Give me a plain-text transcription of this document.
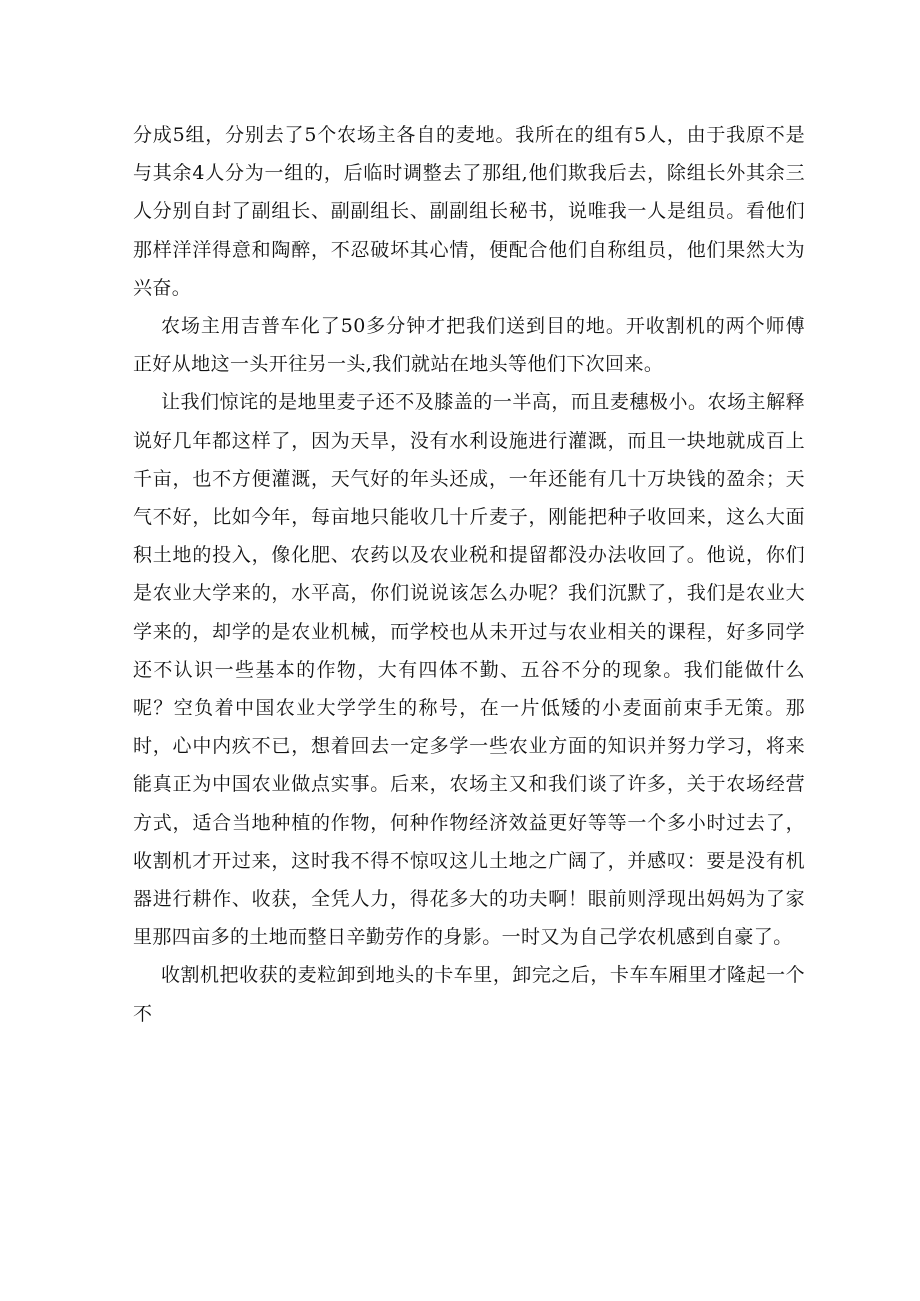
分成5组，分别去了5个农场主各自的麦地。我所在的组有5人，由于我原不是与其余4人分为一组的，后临时调整去了那组,他们欺我后去，除组长外其余三人分别自封了副组长、副副组长、副副组长秘书，说唯我一人是组员。看他们那样洋洋得意和陶醉，不忍破坏其心情，便配合他们自称组员，他们果然大为兴奋。

农场主用吉普车化了50多分钟才把我们送到目的地。开收割机的两个师傅正好从地这一头开往另一头,我们就站在地头等他们下次回来。

让我们惊诧的是地里麦子还不及膝盖的一半高，而且麦穗极小。农场主解释说好几年都这样了，因为天旱，没有水利设施进行灌溉，而且一块地就成百上千亩，也不方便灌溉，天气好的年头还成，一年还能有几十万块钱的盈余；天气不好，比如今年，每亩地只能收几十斤麦子，刚能把种子收回来，这么大面积土地的投入，像化肥、农药以及农业税和提留都没办法收回了。他说，你们是农业大学来的，水平高，你们说说该怎么办呢？我们沉默了，我们是农业大学来的，却学的是农业机械，而学校也从未开过与农业相关的课程，好多同学还不认识一些基本的作物，大有四体不勤、五谷不分的现象。我们能做什么呢？空负着中国农业大学学生的称号，在一片低矮的小麦面前束手无策。那时，心中内疚不已，想着回去一定多学一些农业方面的知识并努力学习，将来能真正为中国农业做点实事。后来，农场主又和我们谈了许多，关于农场经营方式，适合当地种植的作物，何种作物经济效益更好等等一个多小时过去了，收割机才开过来，这时我不得不惊叹这儿土地之广阔了，并感叹：要是没有机器进行耕作、收获，全凭人力，得花多大的功夫啊！眼前则浮现出妈妈为了家里那四亩多的土地而整日辛勤劳作的身影。一时又为自己学农机感到自豪了。

收割机把收获的麦粒卸到地头的卡车里，卸完之后，卡车车厢里才隆起一个不
